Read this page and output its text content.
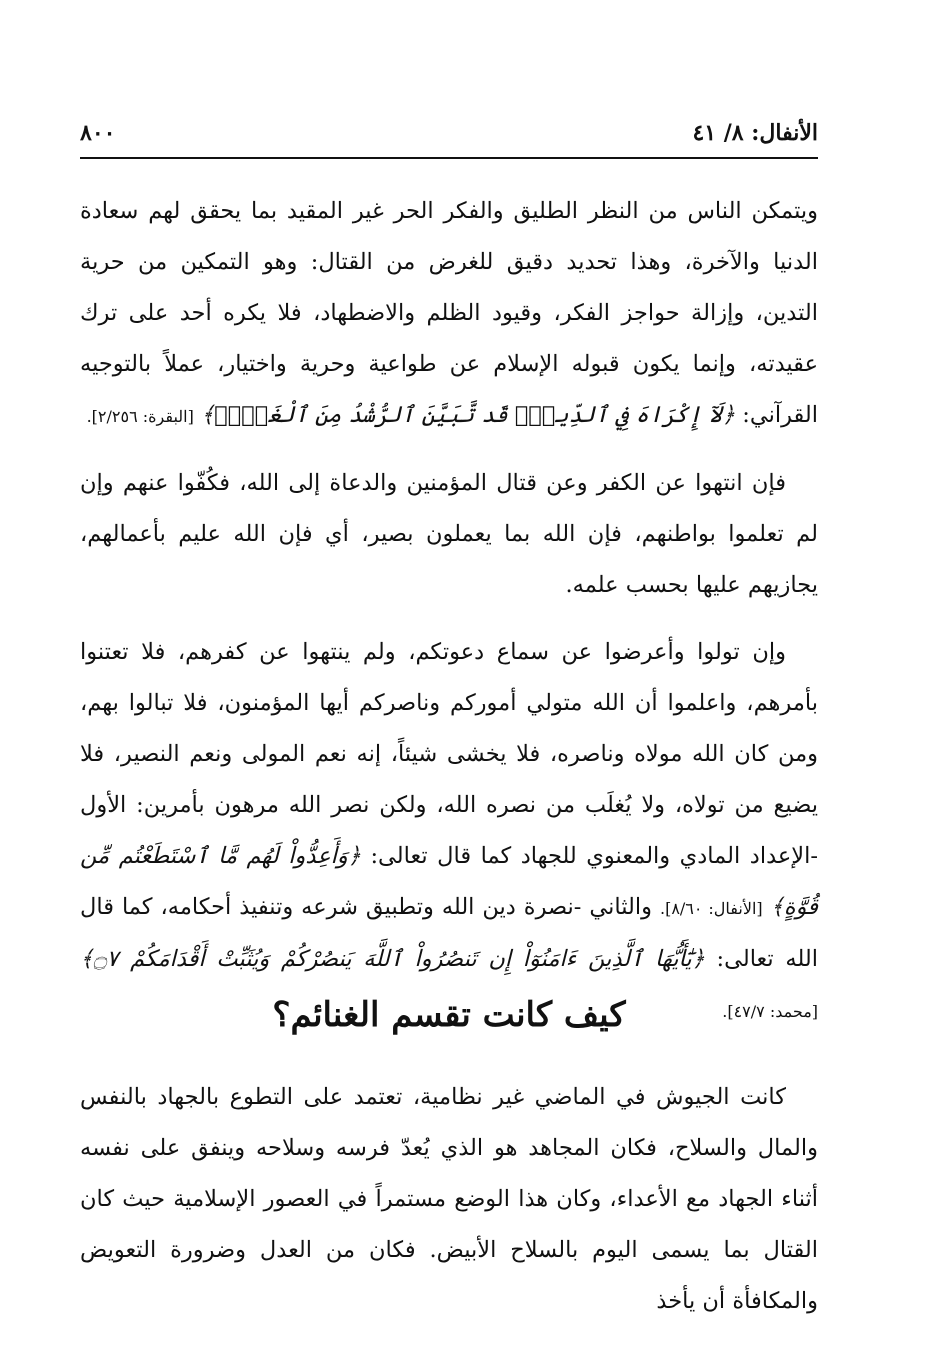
الأنفال: ٨/ ٤١
٨٠٠

ويتمكن الناس من النظر الطليق والفكر الحر غير المقيد بما يحقق لهم سعادة الدنيا والآخرة، وهذا تحديد دقيق للغرض من القتال: وهو التمكين من حرية التدين، وإزالة حواجز الفكر، وقيود الظلم والاضطهاد، فلا يكره أحد على ترك عقيدته، وإنما يكون قبوله الإسلام عن طواعية وحرية واختيار، عملاً بالتوجيه القرآني: ﴿لَآ إِكْرَاهَ فِي ٱلدِّينِۖ قَد تَّبَيَّنَ ٱلرُّشْدُ مِنَ ٱلْغَيِّۚ﴾ [البقرة: ٢/٢٥٦].

فإن انتهوا عن الكفر وعن قتال المؤمنين والدعاة إلى الله، فكُفّوا عنهم وإن لم تعلموا بواطنهم، فإن الله بما يعملون بصير، أي فإن الله عليم بأعمالهم، يجازيهم عليها بحسب علمه.

وإن تولوا وأعرضوا عن سماع دعوتكم، ولم ينتهوا عن كفرهم، فلا تعتنوا بأمرهم، واعلموا أن الله متولي أموركم وناصركم أيها المؤمنون، فلا تبالوا بهم، ومن كان الله مولاه وناصره، فلا يخشى شيئاً، إنه نعم المولى ونعم النصير، فلا يضيع من تولاه، ولا يُغلَب من نصره الله، ولكن نصر الله مرهون بأمرين: الأول -الإعداد المادي والمعنوي للجهاد كما قال تعالى: ﴿وَأَعِدُّواْ لَهُم مَّا ٱسْتَطَعْتُم مِّن قُوَّةٍ﴾ [الأنفال: ٨/٦٠]. والثاني -نصرة دين الله وتطبيق شرعه وتنفيذ أحكامه، كما قال الله تعالى: ﴿يَٰٓأَيُّهَا ٱلَّذِينَ ءَامَنُوٓاْ إِن تَنصُرُواْ ٱللَّهَ يَنصُرْكُمْ وَيُثَبِّتْ أَقْدَامَكُمْ ۝٧﴾ [محمد: ٤٧/٧].

كيف كانت تقسم الغنائم؟

كانت الجيوش في الماضي غير نظامية، تعتمد على التطوع بالجهاد بالنفس والمال والسلاح، فكان المجاهد هو الذي يُعدّ فرسه وسلاحه وينفق على نفسه أثناء الجهاد مع الأعداء، وكان هذا الوضع مستمراً في العصور الإسلامية حيث كان القتال بما يسمى اليوم بالسلاح الأبيض. فكان من العدل وضرورة التعويض والمكافأة أن يأخذ
